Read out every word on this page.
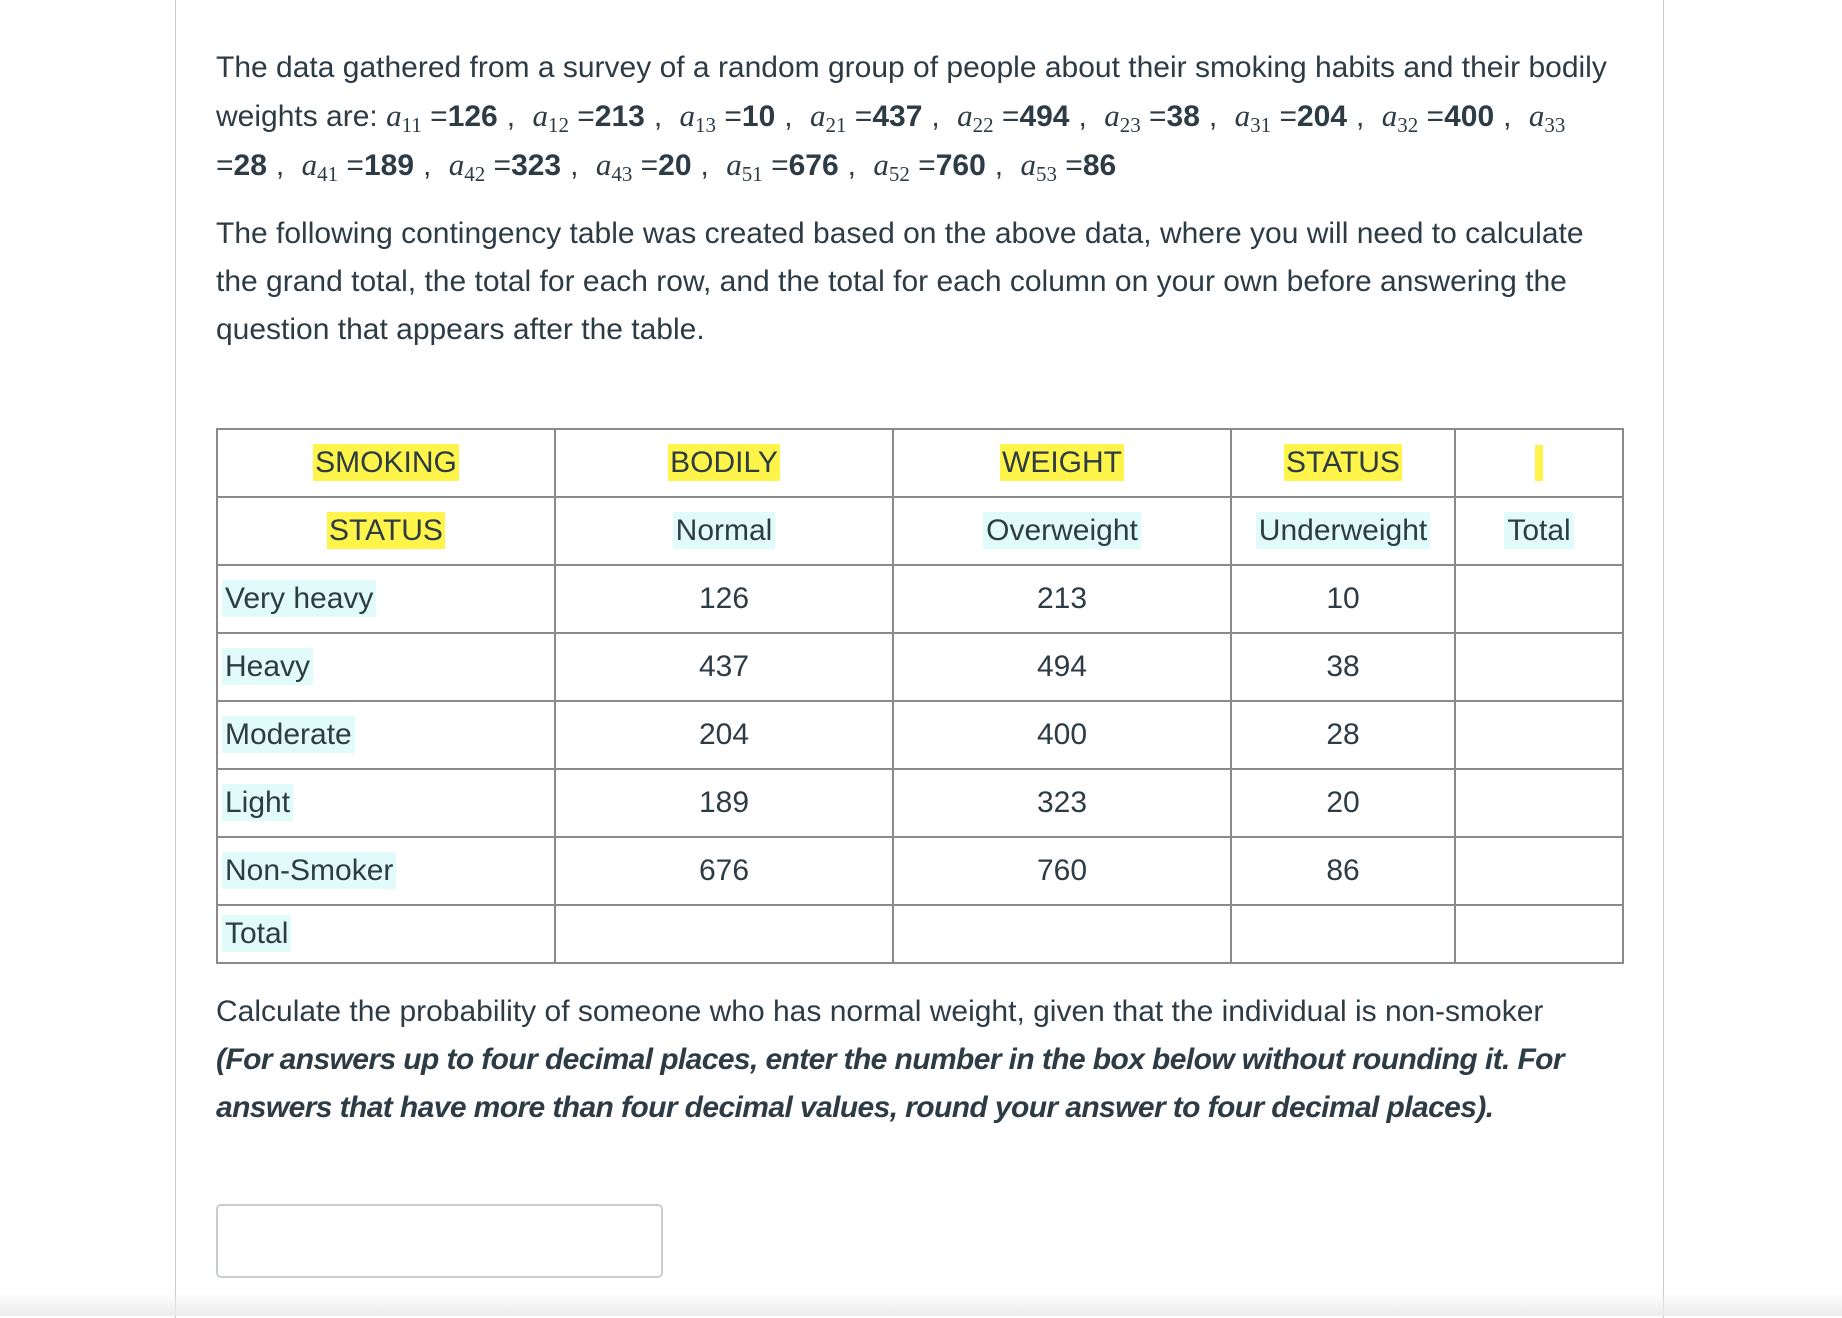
The data gathered from a survey of a random group of people about their smoking habits and their bodily weights are: $a_{11} =126$ , $a_{12} =213$ , $a_{13} =10$ , $a_{21} =437$ , $a_{22} =494$ , $a_{23} =38$ , $a_{31} =204$ , $a_{32} =400$ , $a_{33} =28$ , $a_{41} =189$ , $a_{42} =323$ , $a_{43} =20$ , $a_{51} =676$ , $a_{52} =760$ , $a_{53} =86$

The following contingency table was created based on the above data, where you will need to calculate the grand total, the total for each row, and the total for each column on your own before answering the question that appears after the table.

SMOKING	BODILY	WEIGHT	STATUS	
STATUS	Normal	Overweight	Underweight	Total
Very heavy	126	213	10	
Heavy	437	494	38	
Moderate	204	400	28	
Light	189	323	20	
Non-Smoker	676	760	86	
Total				

Calculate the probability of someone who has normal weight, given that the individual is non-smoker
(For answers up to four decimal places, enter the number in the box below without rounding it. For answers that have more than four decimal values, round your answer to four decimal places).
